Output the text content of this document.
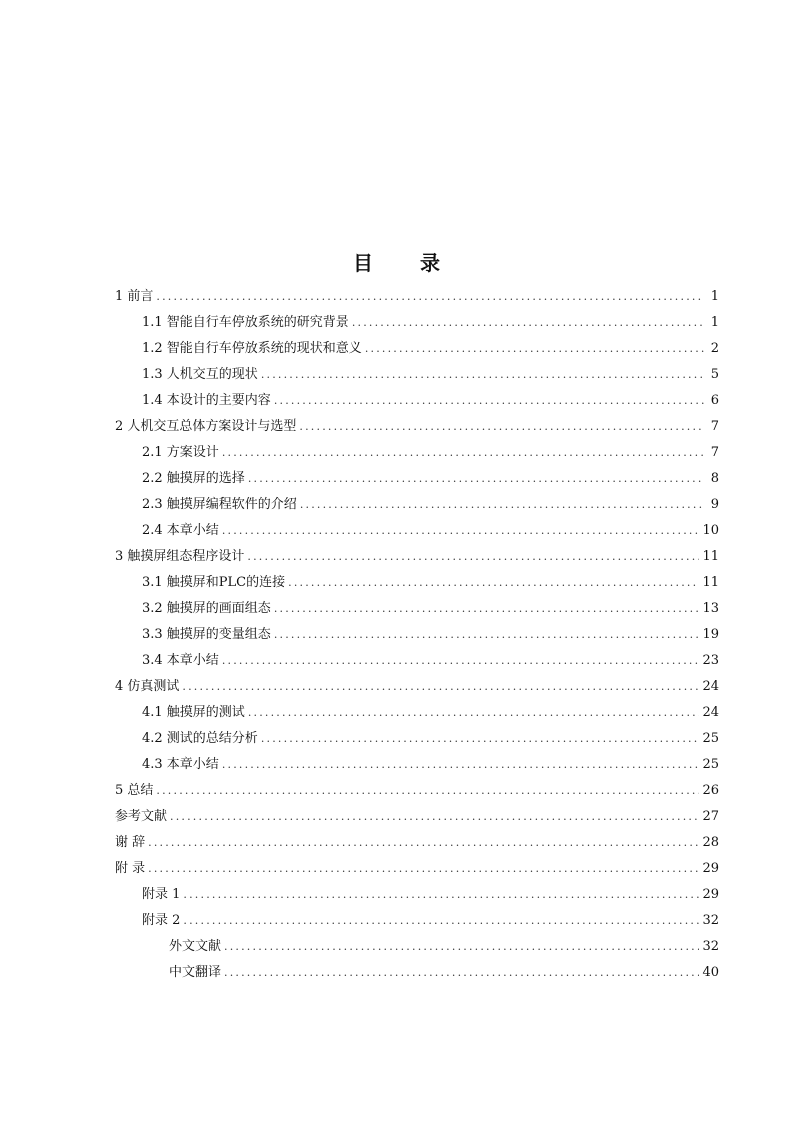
目 录
1 前言 .....	1
1.1 智能自行车停放系统的研究背景 .....	1
1.2 智能自行车停放系统的现状和意义 .....	2
1.3 人机交互的现状 .....	5
1.4 本设计的主要内容 .....	6
2 人机交互总体方案设计与选型 .....	7
2.1 方案设计 .....	7
2.2 触摸屏的选择 .....	8
2.3 触摸屏编程软件的介绍 .....	9
2.4 本章小结 .....	10
3 触摸屏组态程序设计 .....	11
3.1 触摸屏和PLC的连接 .....	11
3.2 触摸屏的画面组态 .....	13
3.3 触摸屏的变量组态 .....	19
3.4 本章小结 .....	23
4 仿真测试 .....	24
4.1 触摸屏的测试 .....	24
4.2 测试的总结分析 .....	25
4.3 本章小结 .....	25
5 总结 .....	26
参考文献 .....	27
谢 辞 .....	28
附 录 .....	29
附录 1 .....	29
附录 2 .....	32
外文文献 .....	32
中文翻译 .....	40
